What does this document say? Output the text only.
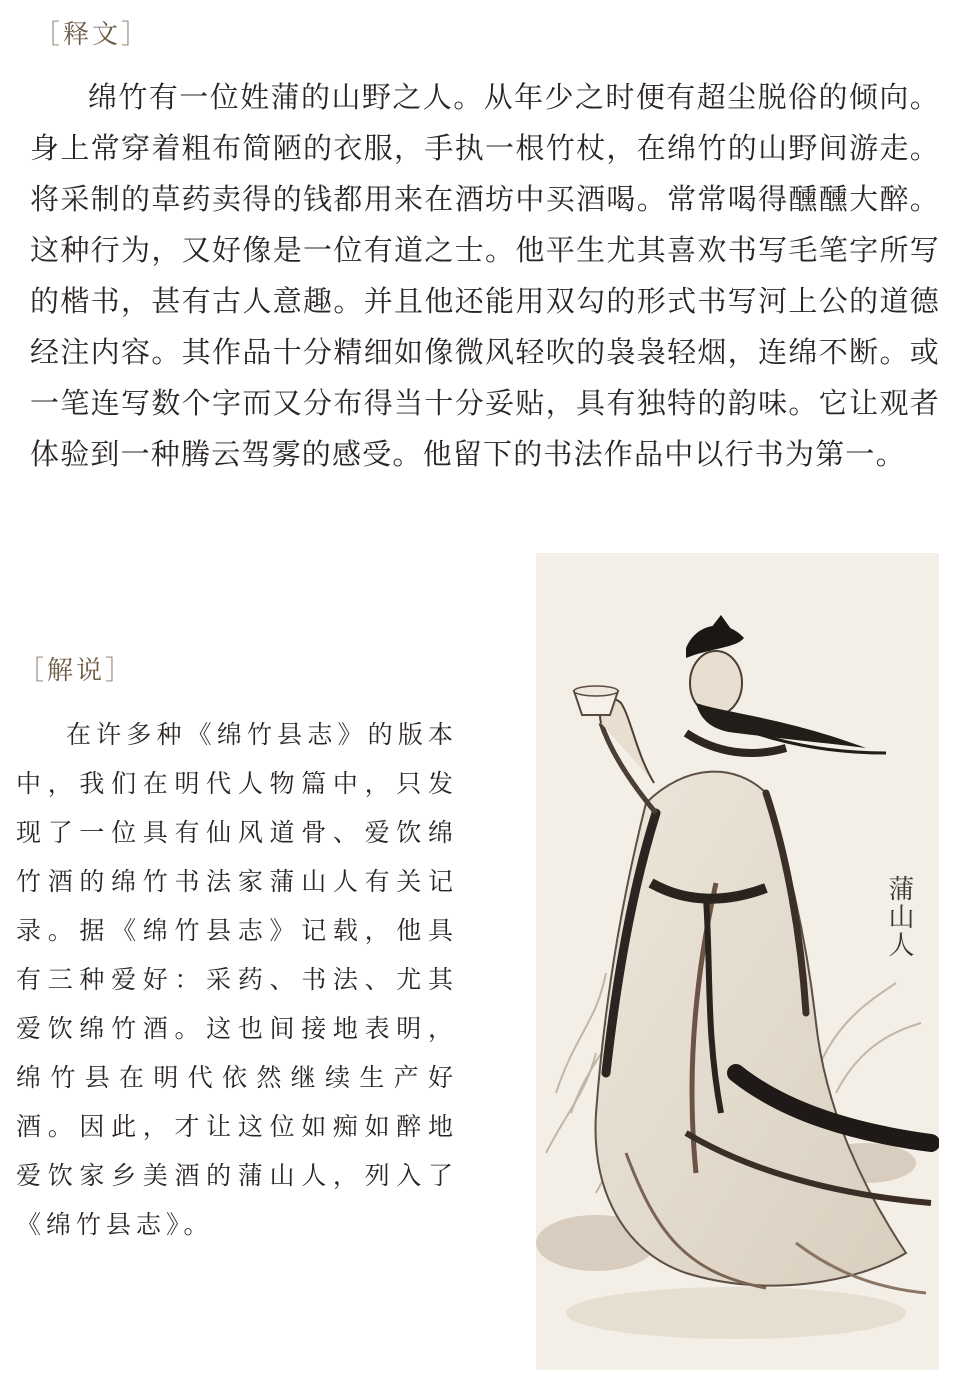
［释文］

绵竹有一位姓蒲的山野之人。从年少之时便有超尘脱俗的倾向。身上常穿着粗布简陋的衣服，手执一根竹杖，在绵竹的山野间游走。将采制的草药卖得的钱都用来在酒坊中买酒喝。常常喝得醺醺大醉。这种行为，又好像是一位有道之士。他平生尤其喜欢书写毛笔字所写的楷书，甚有古人意趣。并且他还能用双勾的形式书写河上公的道德经注内容。其作品十分精细如像微风轻吹的袅袅轻烟，连绵不断。或一笔连写数个字而又分布得当十分妥贴，具有独特的韵味。它让观者体验到一种腾云驾雾的感受。他留下的书法作品中以行书为第一。

［解说］

在许多种《绵竹县志》的版本中，我们在明代人物篇中，只发现了一位具有仙风道骨、爱饮绵竹酒的绵竹书法家蒲山人有关记录。据《绵竹县志》记载，他具有三种爱好：采药、书法、尤其爱饮绵竹酒。这也间接地表明，绵竹县在明代依然继续生产好酒。因此，才让这位如痴如醉地爱饮家乡美酒的蒲山人，列入了《绵竹县志》。

蒲山人
